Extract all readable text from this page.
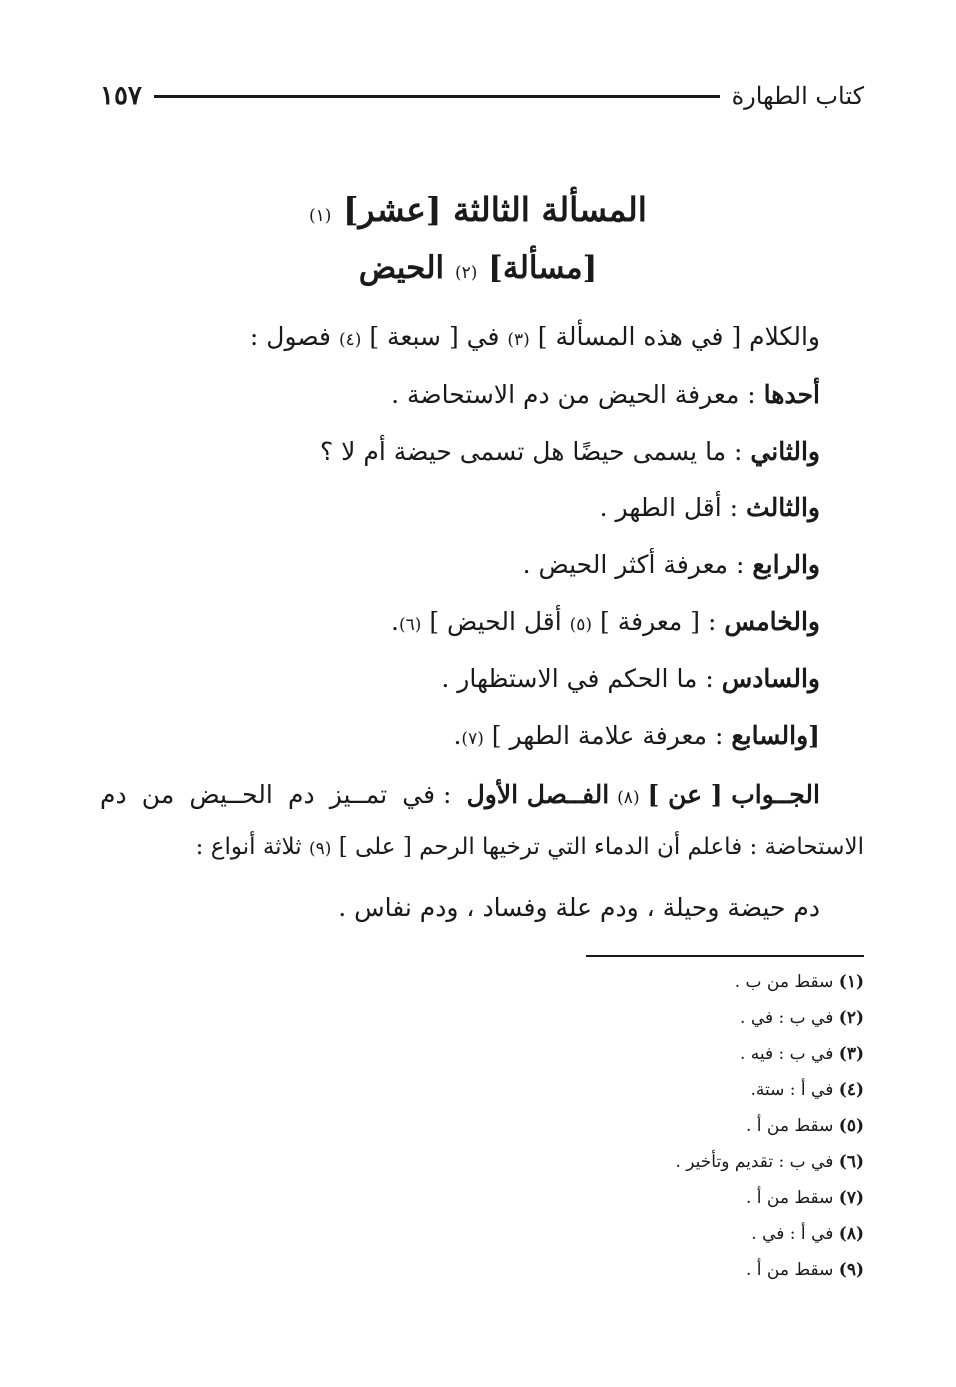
كتاب الطهارة
١٥٧
المسألة الثالثة [عشر] (١)
[مسألة] (٢) الحيض
والكلام [ في هذه المسألة ] (٣) في [ سبعة ] (٤) فصول :
أحدها : معرفة الحيض من دم الاستحاضة .
والثاني : ما يسمى حيضًا هل تسمى حيضة أم لا ؟
والثالث : أقل الطهر .
والرابع : معرفة أكثر الحيض .
والخامس : [ معرفة ] (٥) أقل الحيض ] (٦).
والسادس : ما الحكم في الاستظهار .
[والسابع : معرفة علامة الطهر ] (٧).
الجــواب [ عن ] (٨) الفــصل الأول
: في
تمــيز
دم
الحــيض
من
دم
الاستحاضة : فاعلم أن الدماء التي ترخيها الرحم [ على ] (٩) ثلاثة أنواع :
دم حيضة وحيلة ، ودم علة وفساد ، ودم نفاس .
(١) سقط من ب .
(٢) في ب : في .
(٣) في ب : فيه .
(٤) في أ : ستة.
(٥) سقط من أ .
(٦) في ب : تقديم وتأخير .
(٧) سقط من أ .
(٨) في أ : في .
(٩) سقط من أ .
